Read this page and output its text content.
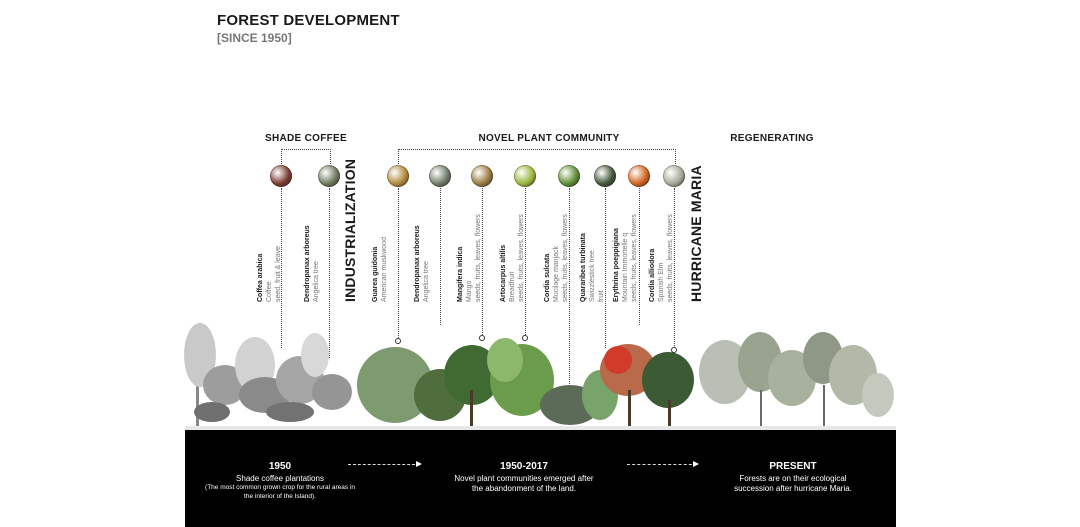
FOREST DEVELOPMENT
[SINCE 1950]
SHADE COFFEE	NOVEL PLANT COMMUNITY	REGENERATING
Coffea arabica Coffee seed, fruit & leave	Dendropanax arboreus Angelica tree	Guarea guidonia American muskwood	Dendropanax arboreus Angelica tree	Mangifera indica Mango seeds, fruits, leaves, flowers	Artocarpus altilis Breadfruit seeds, fruits, leaves, flowers	Cordia sulcata Mucilage manjack seeds, fruits, leaves, flowers Quararibea turbinata Swizzlestick tree fruit Erythrina poeppigiana Mountain Immortelle q seeds, fruits, leaves, flowers Cordia alliodora Spanish Elm seeds, fruits, leaves, flowers
INDUSTRIALIZATION	HURRICANE MARIA
1950
Shade coffee plantations
(The most common grown crop for the rural areas in the interior of the Island).
1950-2017
Novel plant communities emerged after the abandonment of the land.
PRESENT
Forests are on their ecological succession after hurricane Maria.
